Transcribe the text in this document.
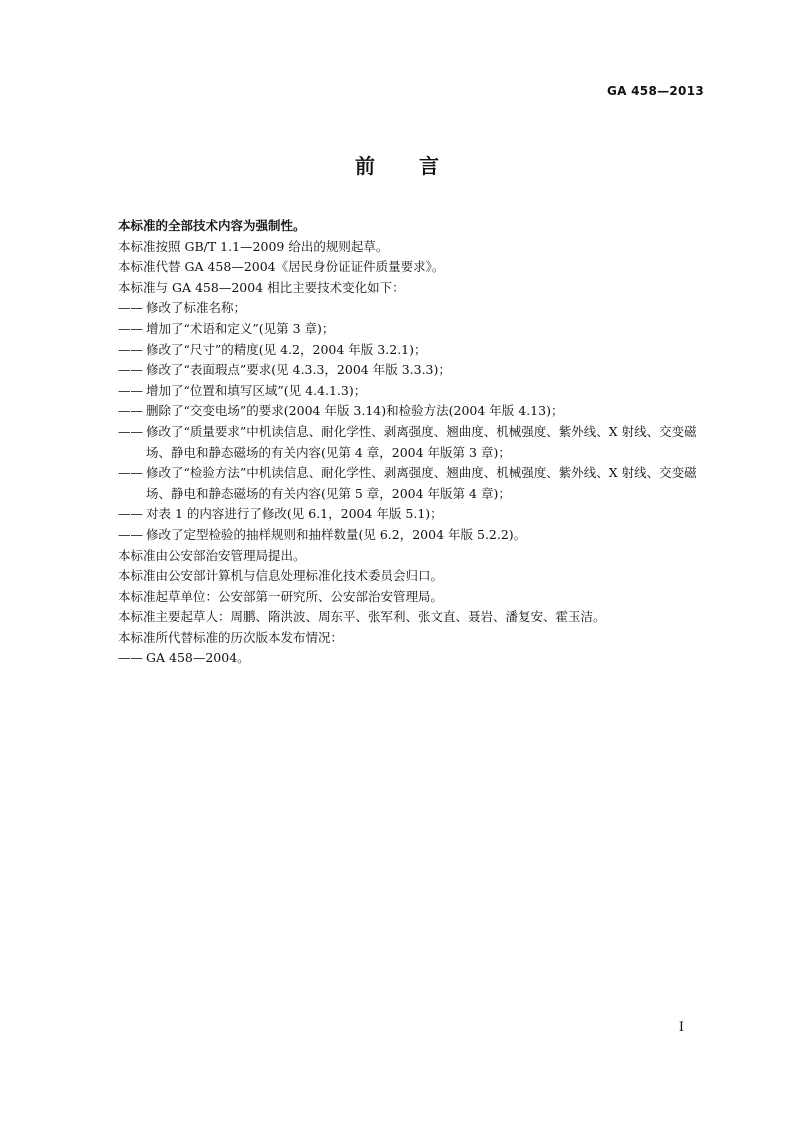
GA 458—2013
前言
本标准的全部技术内容为强制性。
本标准按照 GB/T 1.1—2009 给出的规则起草。
本标准代替 GA 458—2004《居民身份证证件质量要求》。
本标准与 GA 458—2004 相比主要技术变化如下：
—— 修改了标准名称；
—— 增加了“术语和定义”(见第 3 章)；
—— 修改了“尺寸”的精度(见 4.2，2004 年版 3.2.1)；
—— 修改了“表面瑕点”要求(见 4.3.3，2004 年版 3.3.3)；
—— 增加了“位置和填写区域”(见 4.4.1.3)；
—— 删除了“交变电场”的要求(2004 年版 3.14)和检验方法(2004 年版 4.13)；
—— 修改了“质量要求”中机读信息、耐化学性、剥离强度、翘曲度、机械强度、紫外线、X 射线、交变磁场、静电和静态磁场的有关内容(见第 4 章，2004 年版第 3 章)；
—— 修改了“检验方法”中机读信息、耐化学性、剥离强度、翘曲度、机械强度、紫外线、X 射线、交变磁场、静电和静态磁场的有关内容(见第 5 章，2004 年版第 4 章)；
—— 对表 1 的内容进行了修改(见 6.1，2004 年版 5.1)；
—— 修改了定型检验的抽样规则和抽样数量(见 6.2，2004 年版 5.2.2)。
本标准由公安部治安管理局提出。
本标准由公安部计算机与信息处理标准化技术委员会归口。
本标准起草单位：公安部第一研究所、公安部治安管理局。
本标准主要起草人：周鹏、隋洪波、周东平、张军利、张文直、聂岩、潘复安、霍玉洁。
本标准所代替标准的历次版本发布情况：
—— GA 458—2004。
I
